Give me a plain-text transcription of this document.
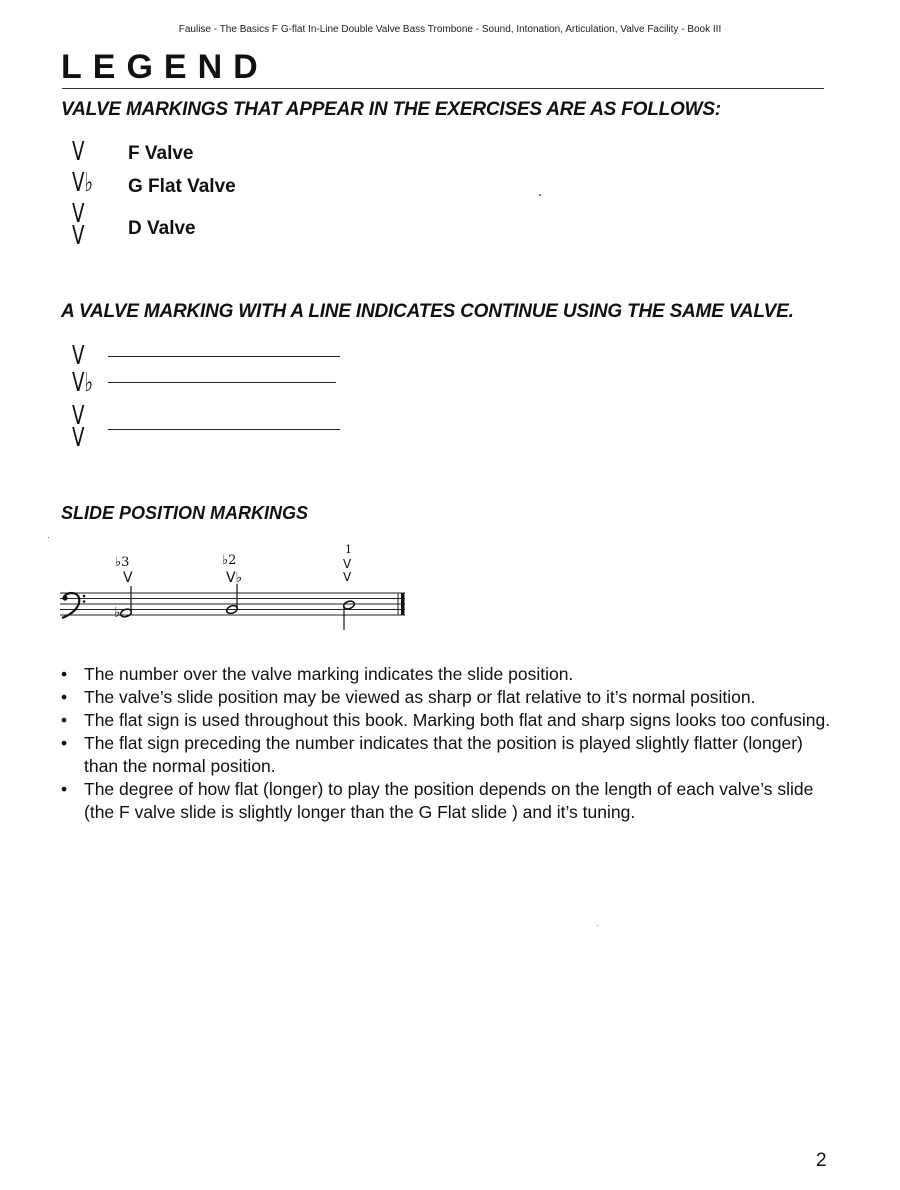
Faulise - The Basics F G-flat In-Line Double Valve Bass Trombone - Sound, Intonation, Articulation, Valve Facility - Book III
LEGEND
VALVE MARKINGS THAT APPEAR IN THE EXERCISES ARE AS FOLLOWS:
V F Valve
V♭ G Flat Valve
V
V D Valve
A VALVE MARKING WITH A LINE INDICATES CONTINUE USING THE SAME VALVE.
V
V♭
V
V
SLIDE POSITION MARKINGS
♭
♭3
V
♭2
V♭
1
V
V
• The number over the valve marking indicates the slide position.
• The valve’s slide position may be viewed as sharp or flat relative to it’s normal position.
• The flat sign is used throughout this book. Marking both flat and sharp signs looks too confusing.
• The flat sign preceding the number indicates that the position is played slightly flatter (longer) than the normal position.
• The degree of how flat (longer) to play the position depends on the length of each valve’s slide (the F valve slide is slightly longer than the G Flat slide ) and it’s tuning.
2
